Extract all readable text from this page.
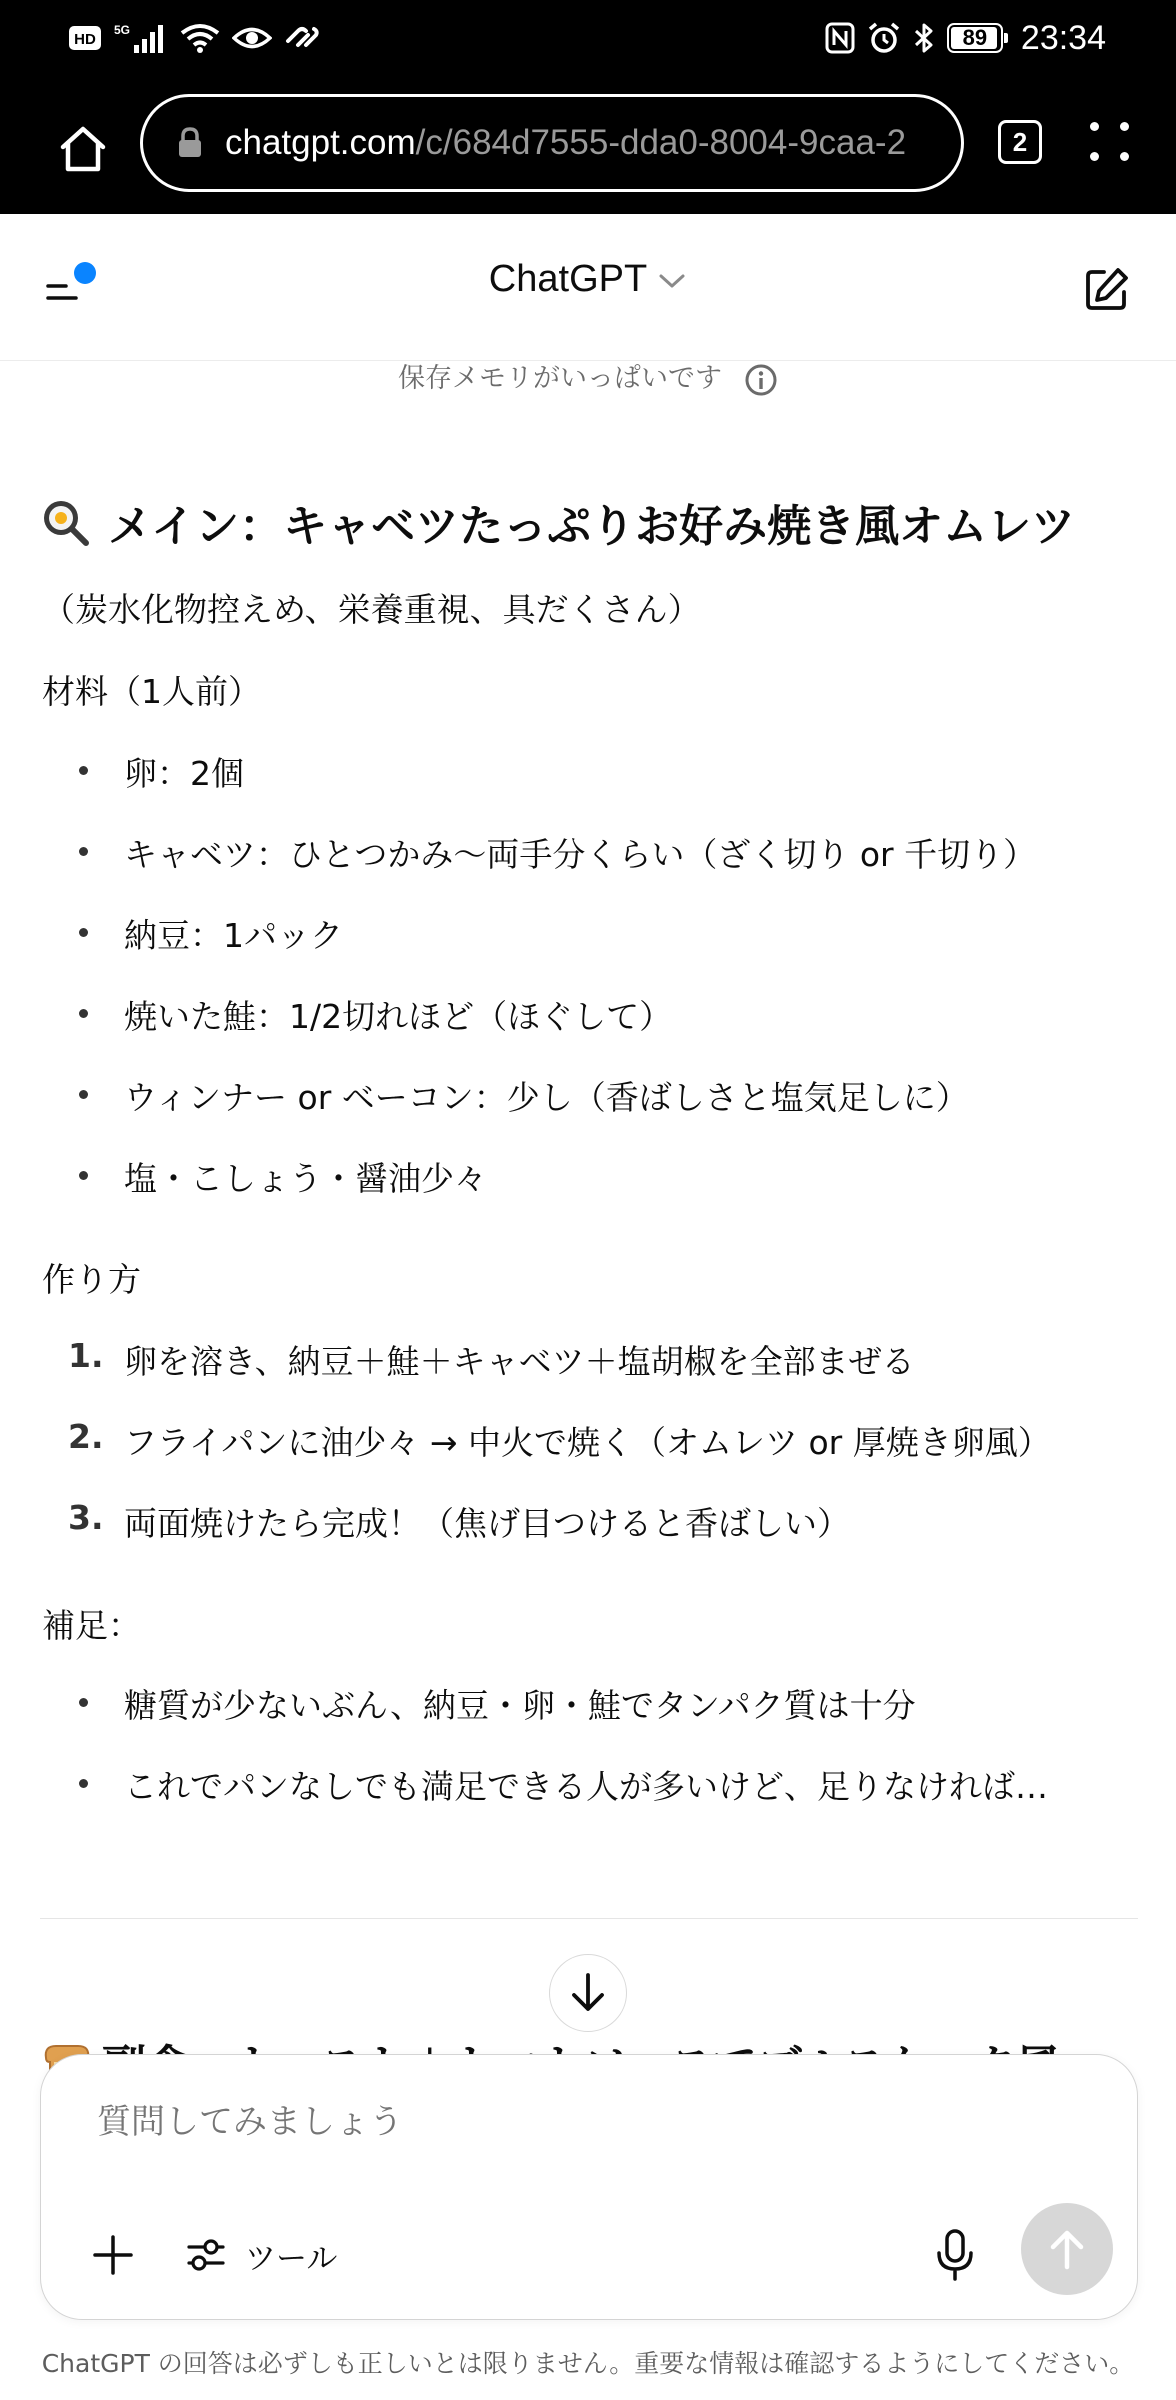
HD
5G	89 23:34
chatgpt.com/c/684d7555-dda0-8004-9caa-2	2
ChatGPT
保存メモリがいっぱいです
メイン：キャベツたっぷりお好み焼き風オムレツ
（炭水化物控えめ、栄養重視、具だくさん）
材料（1人前）
卵：2個
キャベツ：ひとつかみ〜両手分くらい（ざく切り or 千切り）
納豆：1パック
焼いた鮭：1/2切れほど（ほぐして）
ウィンナー or ベーコン：少し（香ばしさと塩気足しに）
塩・こしょう・醤油少々
作り方
1. 卵を溶き、納豆＋鮭＋キャベツ＋塩胡椒を全部まぜる
2. フライパンに油少々 → 中火で焼く（オムレツ or 厚焼き卵風）
3. 両面焼けたら完成！（焦げ目つけると香ばしい）
補足：
糖質が少ないぶん、納豆・卵・鮭でタンパク質は十分
これでパンなしでも満足できる人が多いけど、足りなければ…
質問してみましょう
ツール
ChatGPT の回答は必ずしも正しいとは限りません。重要な情報は確認するようにしてください。
